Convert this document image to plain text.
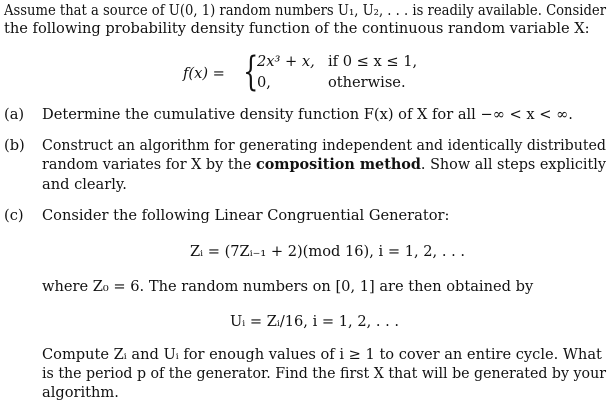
Assume that a source of U(0, 1) random numbers U₁, U₂, . . . is readily available. Consider
the following probability density function of the continuous random variable X:
f(x) = {
2x³ + x, if 0 ≤ x ≤ 1,
0,	otherwise.
(a) Determine the cumulative density function F(x) of X for all −∞ < x < ∞.
(b) Construct an algorithm for generating independent and identically distributed
random variates for X by the composition method. Show all steps explicitly
and clearly.
(c) Consider the following Linear Congruential Generator:
Zᵢ = (7Zᵢ₋₁ + 2)(mod 16), i = 1, 2, . . .
where Z₀ = 6. The random numbers on [0, 1] are then obtained by
Uᵢ = Zᵢ/16, i = 1, 2, . . .
Compute Zᵢ and Uᵢ for enough values of i ≥ 1 to cover an entire cycle. What
is the period p of the generator. Find the first X that will be generated by your
algorithm.
